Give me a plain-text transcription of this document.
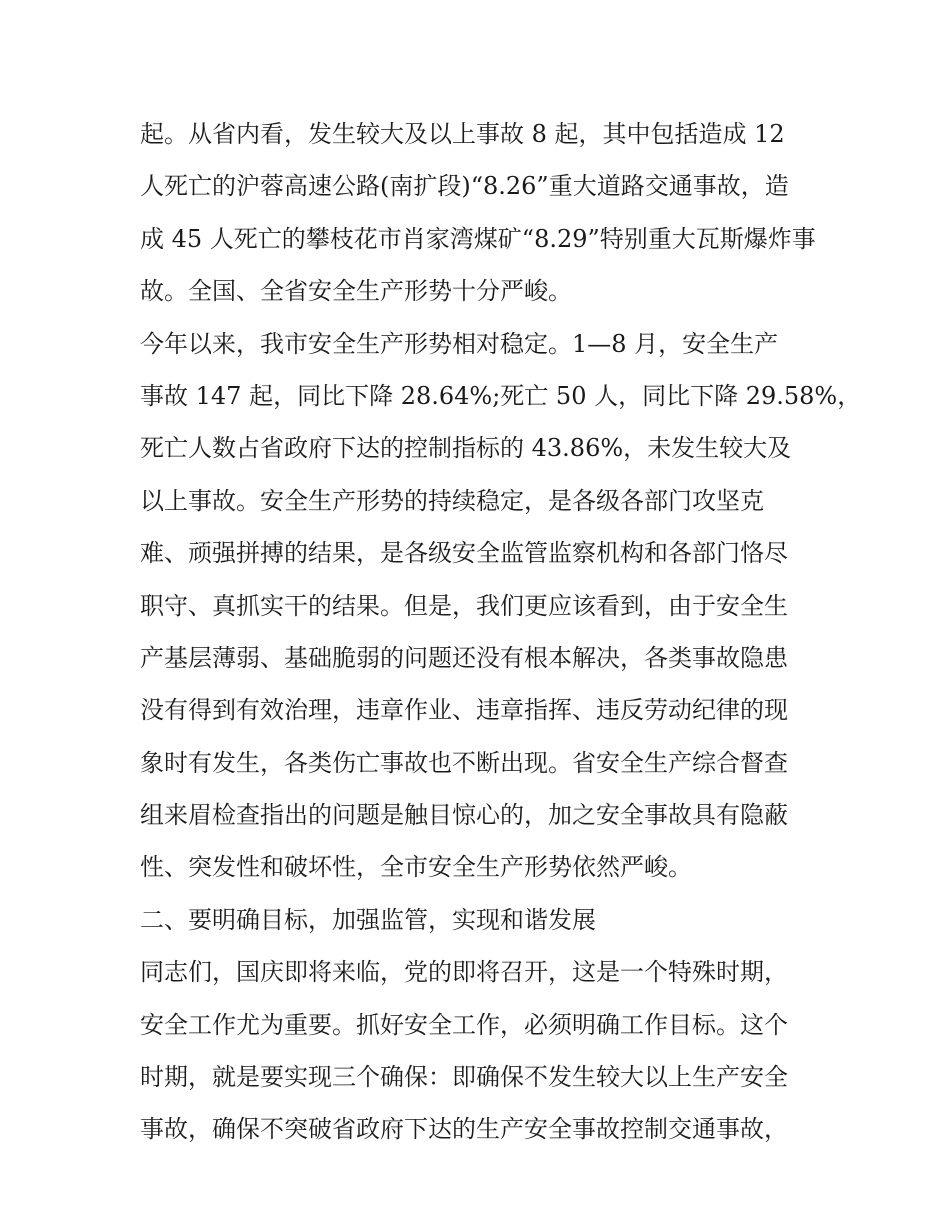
起。从省内看，发生较大及以上事故 8 起，其中包括造成 12
人死亡的沪蓉高速公路(南扩段)“8.26”重大道路交通事故，造
成 45 人死亡的攀枝花市肖家湾煤矿“8.29”特别重大瓦斯爆炸事
故。全国、全省安全生产形势十分严峻。
今年以来，我市安全生产形势相对稳定。1—8 月，安全生产
事故 147 起，同比下降 28.64%;死亡 50 人，同比下降 29.58%，
死亡人数占省政府下达的控制指标的 43.86%，未发生较大及
以上事故。安全生产形势的持续稳定，是各级各部门攻坚克
难、顽强拼搏的结果，是各级安全监管监察机构和各部门恪尽
职守、真抓实干的结果。但是，我们更应该看到，由于安全生
产基层薄弱、基础脆弱的问题还没有根本解决，各类事故隐患
没有得到有效治理，违章作业、违章指挥、违反劳动纪律的现
象时有发生，各类伤亡事故也不断出现。省安全生产综合督查
组来眉检查指出的问题是触目惊心的，加之安全事故具有隐蔽
性、突发性和破坏性，全市安全生产形势依然严峻。
二、要明确目标，加强监管，实现和谐发展
同志们，国庆即将来临，党的即将召开，这是一个特殊时期，
安全工作尤为重要。抓好安全工作，必须明确工作目标。这个
时期，就是要实现三个确保：即确保不发生较大以上生产安全
事故，确保不突破省政府下达的生产安全事故控制交通事故，
